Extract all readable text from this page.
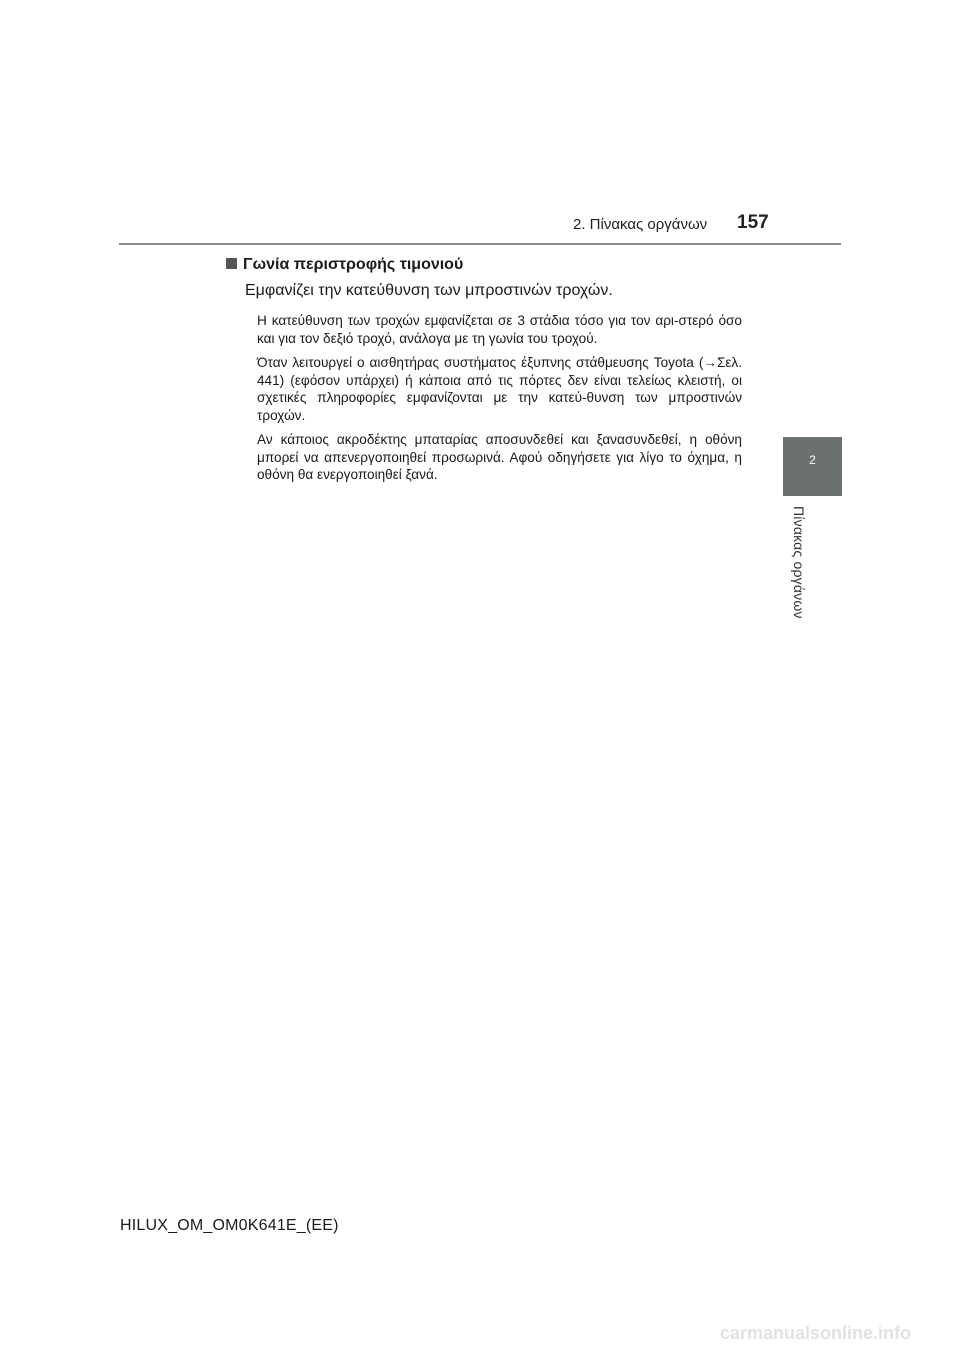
2. Πίνακας οργάνων 157
2
Πίνακας οργάνων
Γωνία περιστροφής τιμονιού
Εμφανίζει την κατεύθυνση των μπροστινών τροχών.

Η κατεύθυνση των τροχών εμφανίζεται σε 3 στάδια τόσο για τον αρι-στερό όσο και για τον δεξιό τροχό, ανάλογα με τη γωνία του τροχού.

Όταν λειτουργεί ο αισθητήρας συστήματος έξυπνης στάθμευσης Toyota (→Σελ. 441) (εφόσον υπάρχει) ή κάποια από τις πόρτες δεν είναι τελείως κλειστή, οι σχετικές πληροφορίες εμφανίζονται με την κατεύ-θυνση των μπροστινών τροχών.

Αν κάποιος ακροδέκτης μπαταρίας αποσυνδεθεί και ξανασυνδεθεί, η οθόνη μπορεί να απενεργοποιηθεί προσωρινά. Αφού οδηγήσετε για λίγο το όχημα, η οθόνη θα ενεργοποιηθεί ξανά.

HILUX_OM_OM0K641E_(EE)
carmanualsonline.info
